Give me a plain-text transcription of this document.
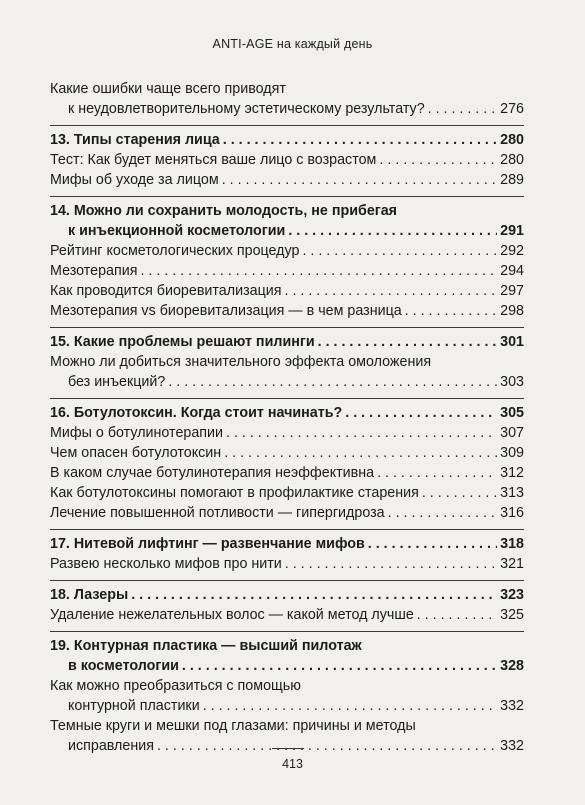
ANTI-AGE на каждый день
Какие ошибки чаще всего приводят
к неудовлетворительному эстетическому результату? . . .	276
13. Типы старения лица . . .	280
Тест: Как будет меняться ваше лицо с возрастом . . .	280
Мифы об уходе за лицом . . .	289
14. Можно ли сохранить молодость, не прибегая
к инъекционной косметологии . . .	291
Рейтинг косметологических процедур . . .	292
Мезотерапия . . .	294
Как проводится биоревитализация . . .	297
Мезотерапия vs биоревитализация — в чем разница . . .	298
15. Какие проблемы решают пилинги . . .	301
Можно ли добиться значительного эффекта омоложения
без инъекций? . . .	303
16. Ботулотоксин. Когда стоит начинать? . . .	305
Мифы о ботулинотерапии . . .	307
Чем опасен ботулотоксин . . .	309
В каком случае ботулинотерапия неэффективна . . .	312
Как ботулотоксины помогают в профилактике старения . . .	313
Лечение повышенной потливости — гипергидроза . . .	316
17. Нитевой лифтинг — развенчание мифов . . .	318
Развею несколько мифов про нити . . .	321
18. Лазеры . . .	323
Удаление нежелательных волос — какой метод лучше . . .	325
19. Контурная пластика — высший пилотаж
в косметологии . . .	328
Как можно преобразиться с помощью
контурной пластики . . .	332
Темные круги и мешки под глазами: причины и методы
исправления . . .	332
413
